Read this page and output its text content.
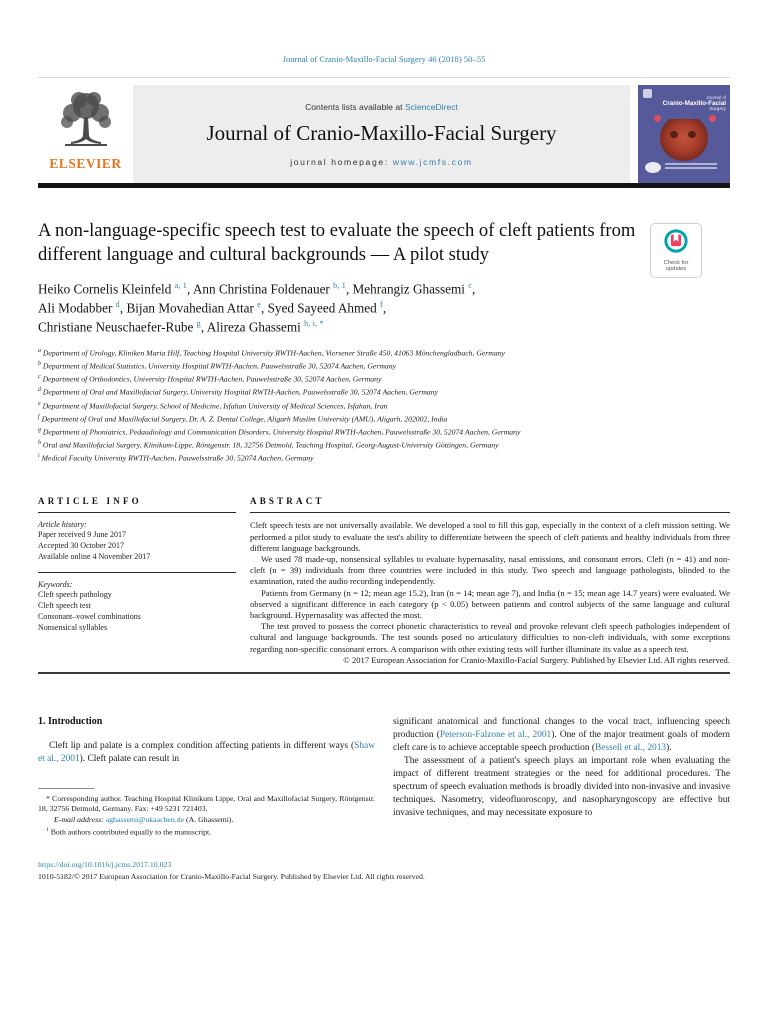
Journal of Cranio-Maxillo-Facial Surgery 46 (2018) 50–55
ELSEVIER
Contents lists available at ScienceDirect
Journal of Cranio-Maxillo-Facial Surgery
journal homepage: www.jcmfs.com
Journal of
Cranio-Maxillo-Facial
Surgery
A non-language-specific speech test to evaluate the speech of cleft patients from different language and cultural backgrounds — A pilot study	Check for
updates
Heiko Cornelis Kleinfeld $^{a, 1}$, Ann Christina Foldenauer $^{b, 1}$, Mehrangiz Ghassemi $^c$,
Ali Modabber $^d$, Bijan Movahedian Attar $^e$, Syed Sayeed Ahmed $^f$,
Christiane Neuschaefer-Rube $^g$, Alireza Ghassemi $^{h, i, *}$
$^a$ Department of Urology, Kliniken Maria Hilf, Teaching Hospital University RWTH-Aachen, Viersener Straße 450, 41063 Mönchengladbach, Germany
$^b$ Department of Medical Statistics, University Hospital RWTH-Aachen, Pauwelsstraße 30, 52074 Aachen, Germany
$^c$ Department of Orthodontics, University Hospital RWTH-Aachen, Pauwelsstraße 30, 52074 Aachen, Germany
$^d$ Department of Oral and Maxillofacial Surgery, University Hospital RWTH-Aachen, Pauwelsstraße 30, 52074 Aachen, Germany
$^e$ Department of Maxillofacial Surgery, School of Medicine, Isfahan University of Medical Sciences, Isfahan, Iran
$^f$ Department of Oral and Maxillofacial Surgery, Dr. A. Z. Dental College, Aligarh Muslim University (AMU), Aligarh, 202002, India
$^g$ Department of Phoniatrics, Pedaudiology and Communication Disorders, University Hospital RWTH-Aachen, Pauwelsstraße 30, 52074 Aachen, Germany
$^h$ Oral and Maxillofacial Surgery, Klinikum-Lippe, Röntgenstr. 18, 32756 Detmold, Teaching Hospital, Georg-August-University Göttingen, Germany
$^i$ Medical Faculty University RWTH-Aachen, Pauwelsstraße 30, 52074 Aachen, Germany
ARTICLE INFO
Article history:
Paper received 9 June 2017
Accepted 30 October 2017
Available online 4 November 2017
Keywords:
Cleft speech pathology
Cleft speech test
Consonant–vowel combinations
Nonsensical syllables
ABSTRACT

Cleft speech tests are not universally available. We developed a tool to fill this gap, especially in the context of a cleft mission setting. We performed a pilot study to evaluate the test's ability to differentiate between the speech of cleft patients and healthy individuals from three different language backgrounds.

We used 78 made-up, nonsensical syllables to evaluate hypernasality, nasal emissions, and consonant errors. Cleft (n = 41) and non-cleft (n = 39) individuals from three countries were included in this study. Two speech and language pathologists, blinded to the examination, rated the audio recording independently.

Patients from Germany (n = 12; mean age 15.2), Iran (n = 14; mean age 7), and India (n = 15; mean age 14.7 years) were evaluated. We observed a significant difference in each category (p < 0.05) between patients and control subjects of the same language and cultural background. Hypernasality was affected the most.

The test proved to possess the correct phonetic characteristics to reveal and provoke relevant cleft speech pathologies independent of cultural and language backgrounds. The test sounds posed no articulatory difficulties to non-cleft individuals, with some exceptions regarding non-specific consonant errors. A comparison with other existing tests will further illuminate its value as a speech test.

© 2017 European Association for Cranio-Maxillo-Facial Surgery. Published by Elsevier Ltd. All rights reserved.

1. Introduction

Cleft lip and palate is a complex condition affecting patients in different ways (Shaw et al., 2001). Cleft palate can result in

* Corresponding author. Teaching Hospital Klinikum Lippe, Oral and Maxillofacial Surgery, Röntgenstr. 18, 32756 Detmold, Germany. Fax: +49 5231 721403.

E-mail address: aghassemi@ukaachen.de (A. Ghassemi).

$^1$ Both authors contributed equally to the manuscript.

significant anatomical and functional changes to the vocal tract, influencing speech production (Peterson-Falzone et al., 2001). One of the major treatment goals of modern cleft care is to achieve acceptable speech production (Bessell et al., 2013).

The assessment of a patient's speech plays an important role when evaluating the impact of different treatment strategies or the need for additional procedures. The spectrum of speech evaluation methods is broadly divided into non-invasive and invasive techniques. Nasometry, videofluoroscopy, and nasopharyngoscopy are effective but invasive techniques, and may necessitate exposure to

https://doi.org/10.1016/j.jcms.2017.10.023
1010-5182/© 2017 European Association for Cranio-Maxillo-Facial Surgery. Published by Elsevier Ltd. All rights reserved.
